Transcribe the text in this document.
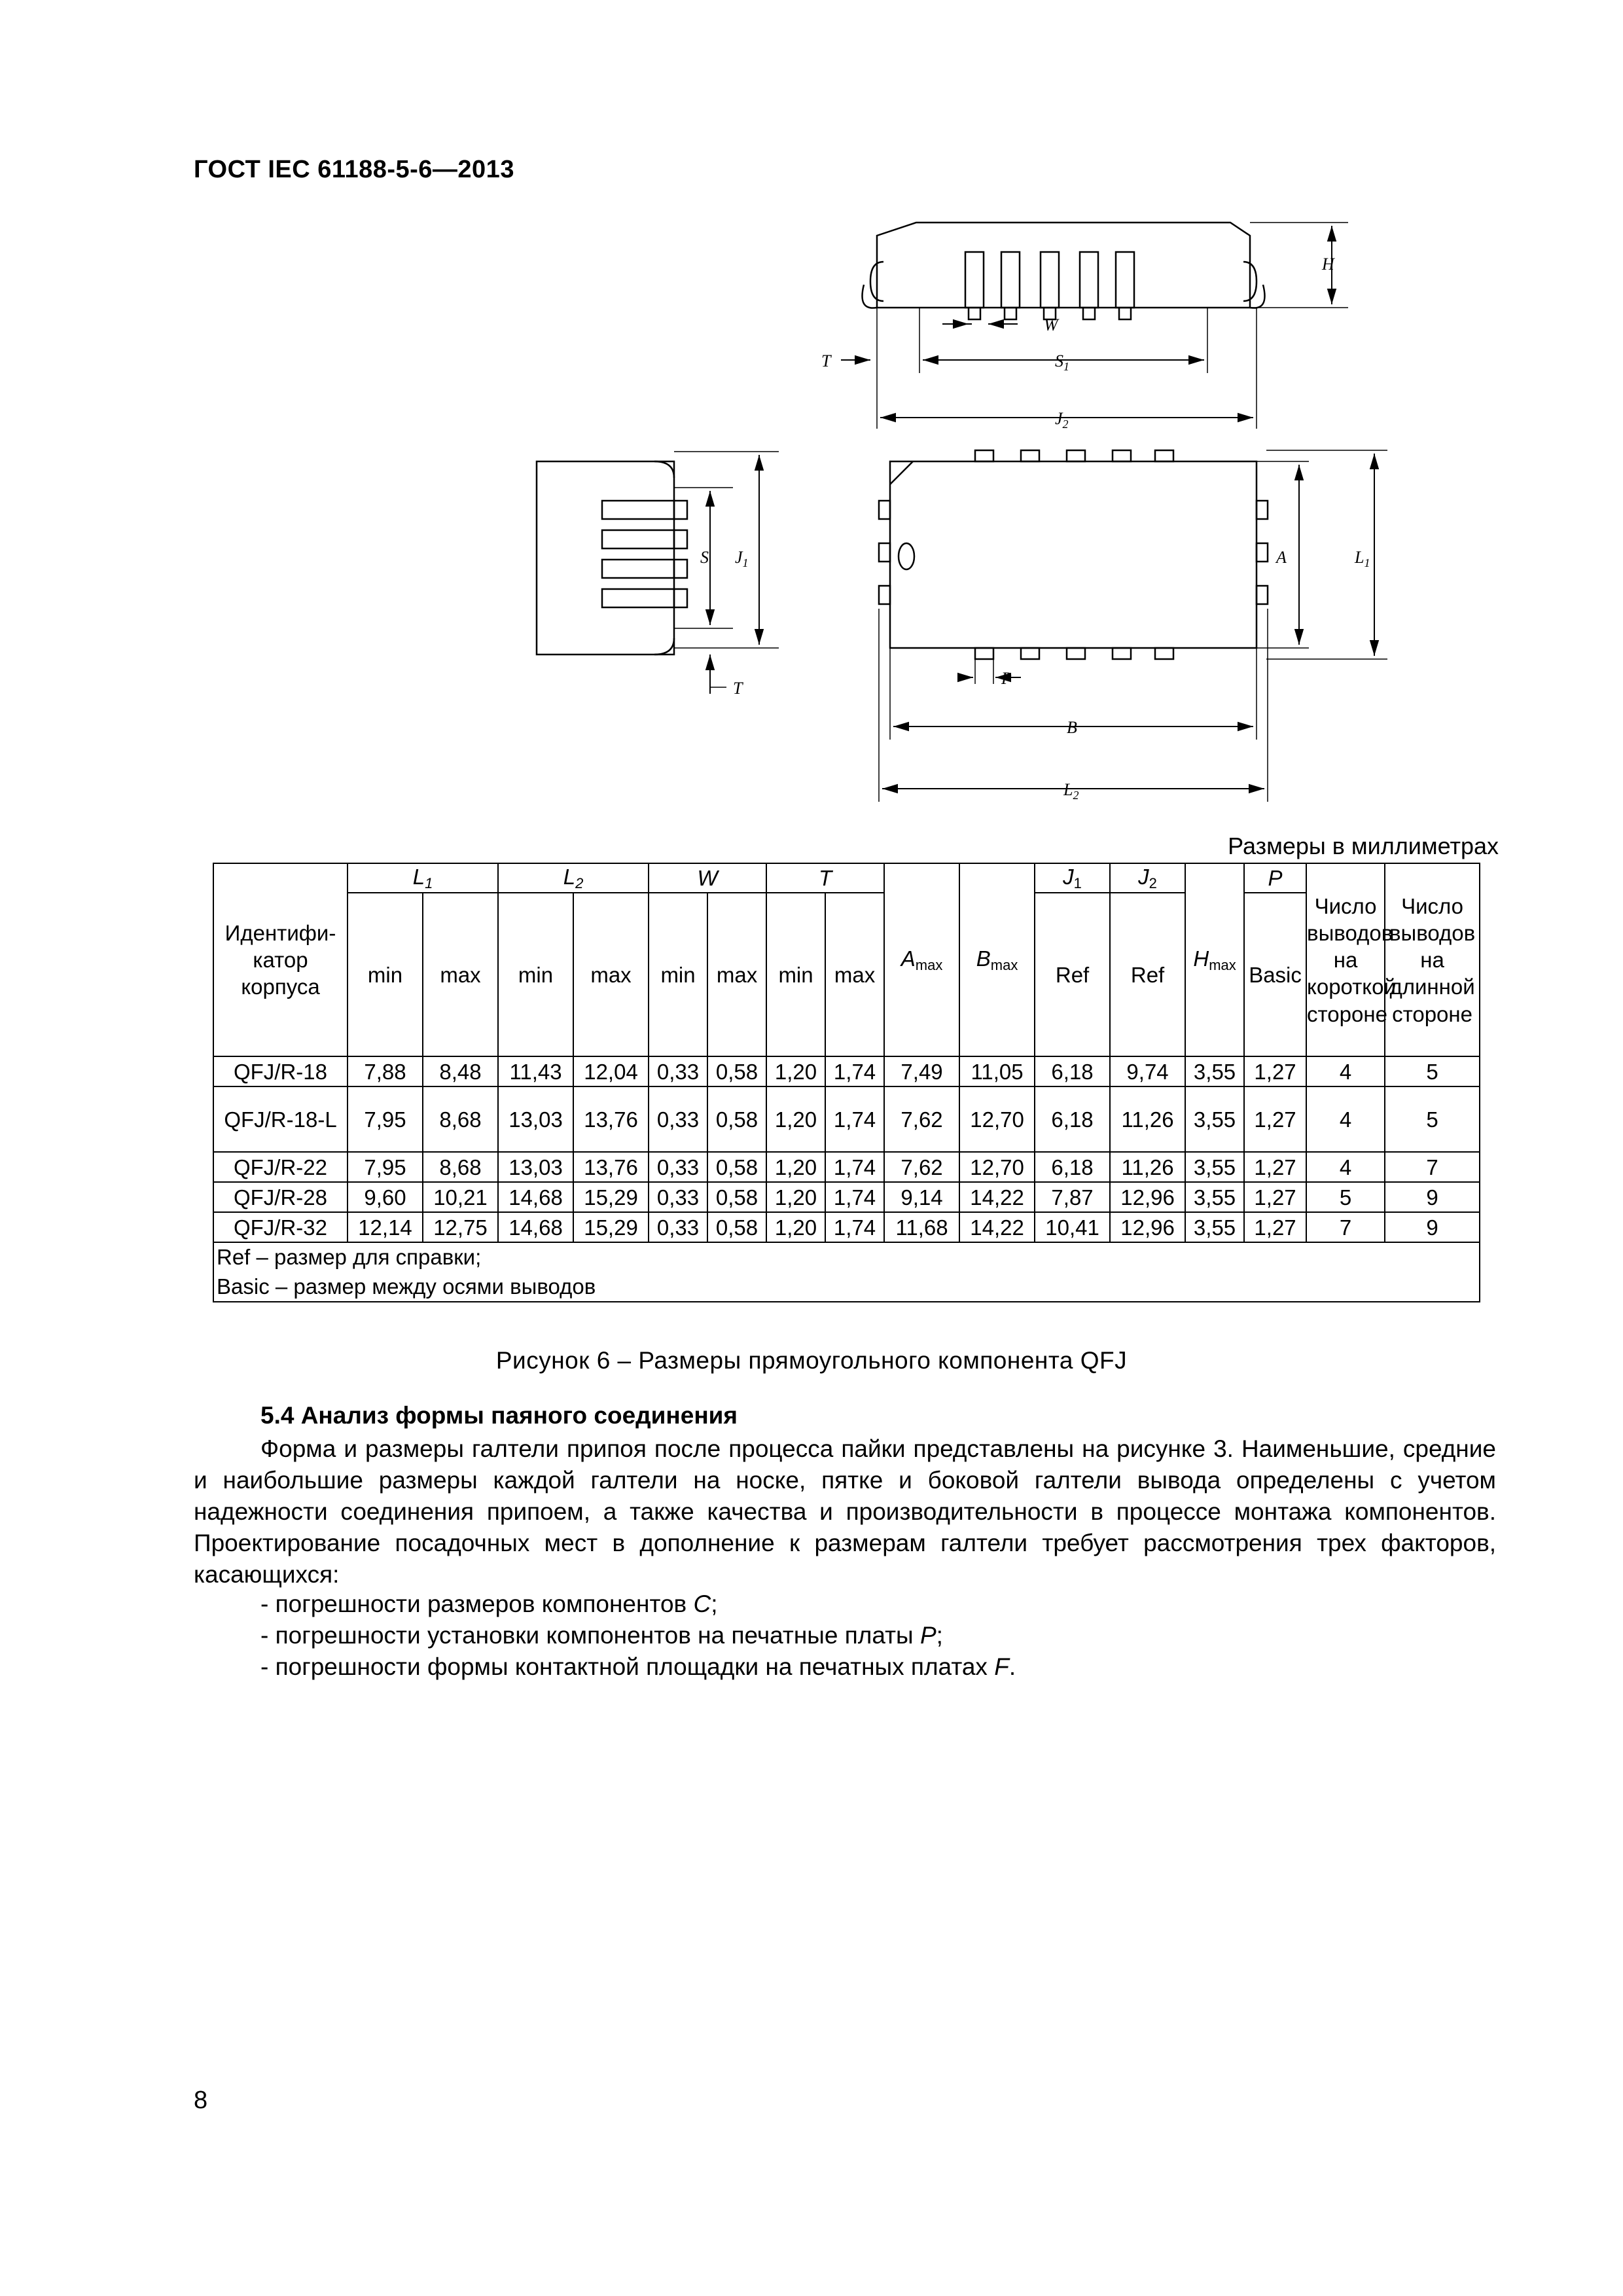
ГОСТ IEC 61188-5-6—2013
H
W
$S_1$
T
$J_2$
S $J_1$
T
A	$L_1$
P
B
$L_2$
Размеры в миллиметрах
Идентифи-катор корпуса	$L_1$		$L_2$		W		T		$A_{max}$	$B_{max}$	$J_1$	$J_2$	$H_{max}$	P	Число выводов на короткой стороне	Число выводов на длинной стороне
	min	max	min	max	min	max	min	max			Ref	Ref		Basic		
QFJ/R-18	7,88	8,48	11,43	12,04	0,33	0,58	1,20	1,74	7,49	11,05	6,18	9,74	3,55	1,27	4	5
QFJ/R-18-L	7,95	8,68	13,03	13,76	0,33	0,58	1,20	1,74	7,62	12,70	6,18	11,26	3,55	1,27	4	5
QFJ/R-22	7,95	8,68	13,03	13,76	0,33	0,58	1,20	1,74	7,62	12,70	6,18	11,26	3,55	1,27	4	7
QFJ/R-28	9,60	10,21	14,68	15,29	0,33	0,58	1,20	1,74	9,14	14,22	7,87	12,96	3,55	1,27	5	9
QFJ/R-32	12,14	12,75	14,68	15,29	0,33	0,58	1,20	1,74	11,68	14,22	10,41	12,96	3,55	1,27	7	9

Ref – размер для справки;
Basic – размер между осями выводов																
Рисунок 6 – Размеры прямоугольного компонента QFJ
5.4 Анализ формы паяного соединения

Форма и размеры галтели припоя после процесса пайки представлены на рисунке 3. Наименьшие, средние и наибольшие размеры каждой галтели на носке, пятке и боковой галтели вывода определены с учетом надежности соединения припоем, а также качества и производительности в процессе монтажа компонентов. Проектирование посадочных мест в дополнение к размерам галтели требует рассмотрения трех факторов, касающихся:

- погрешности размеров компонентов C;
- погрешности установки компонентов на печатные платы P;
- погрешности формы контактной площадки на печатных платах F.
8
